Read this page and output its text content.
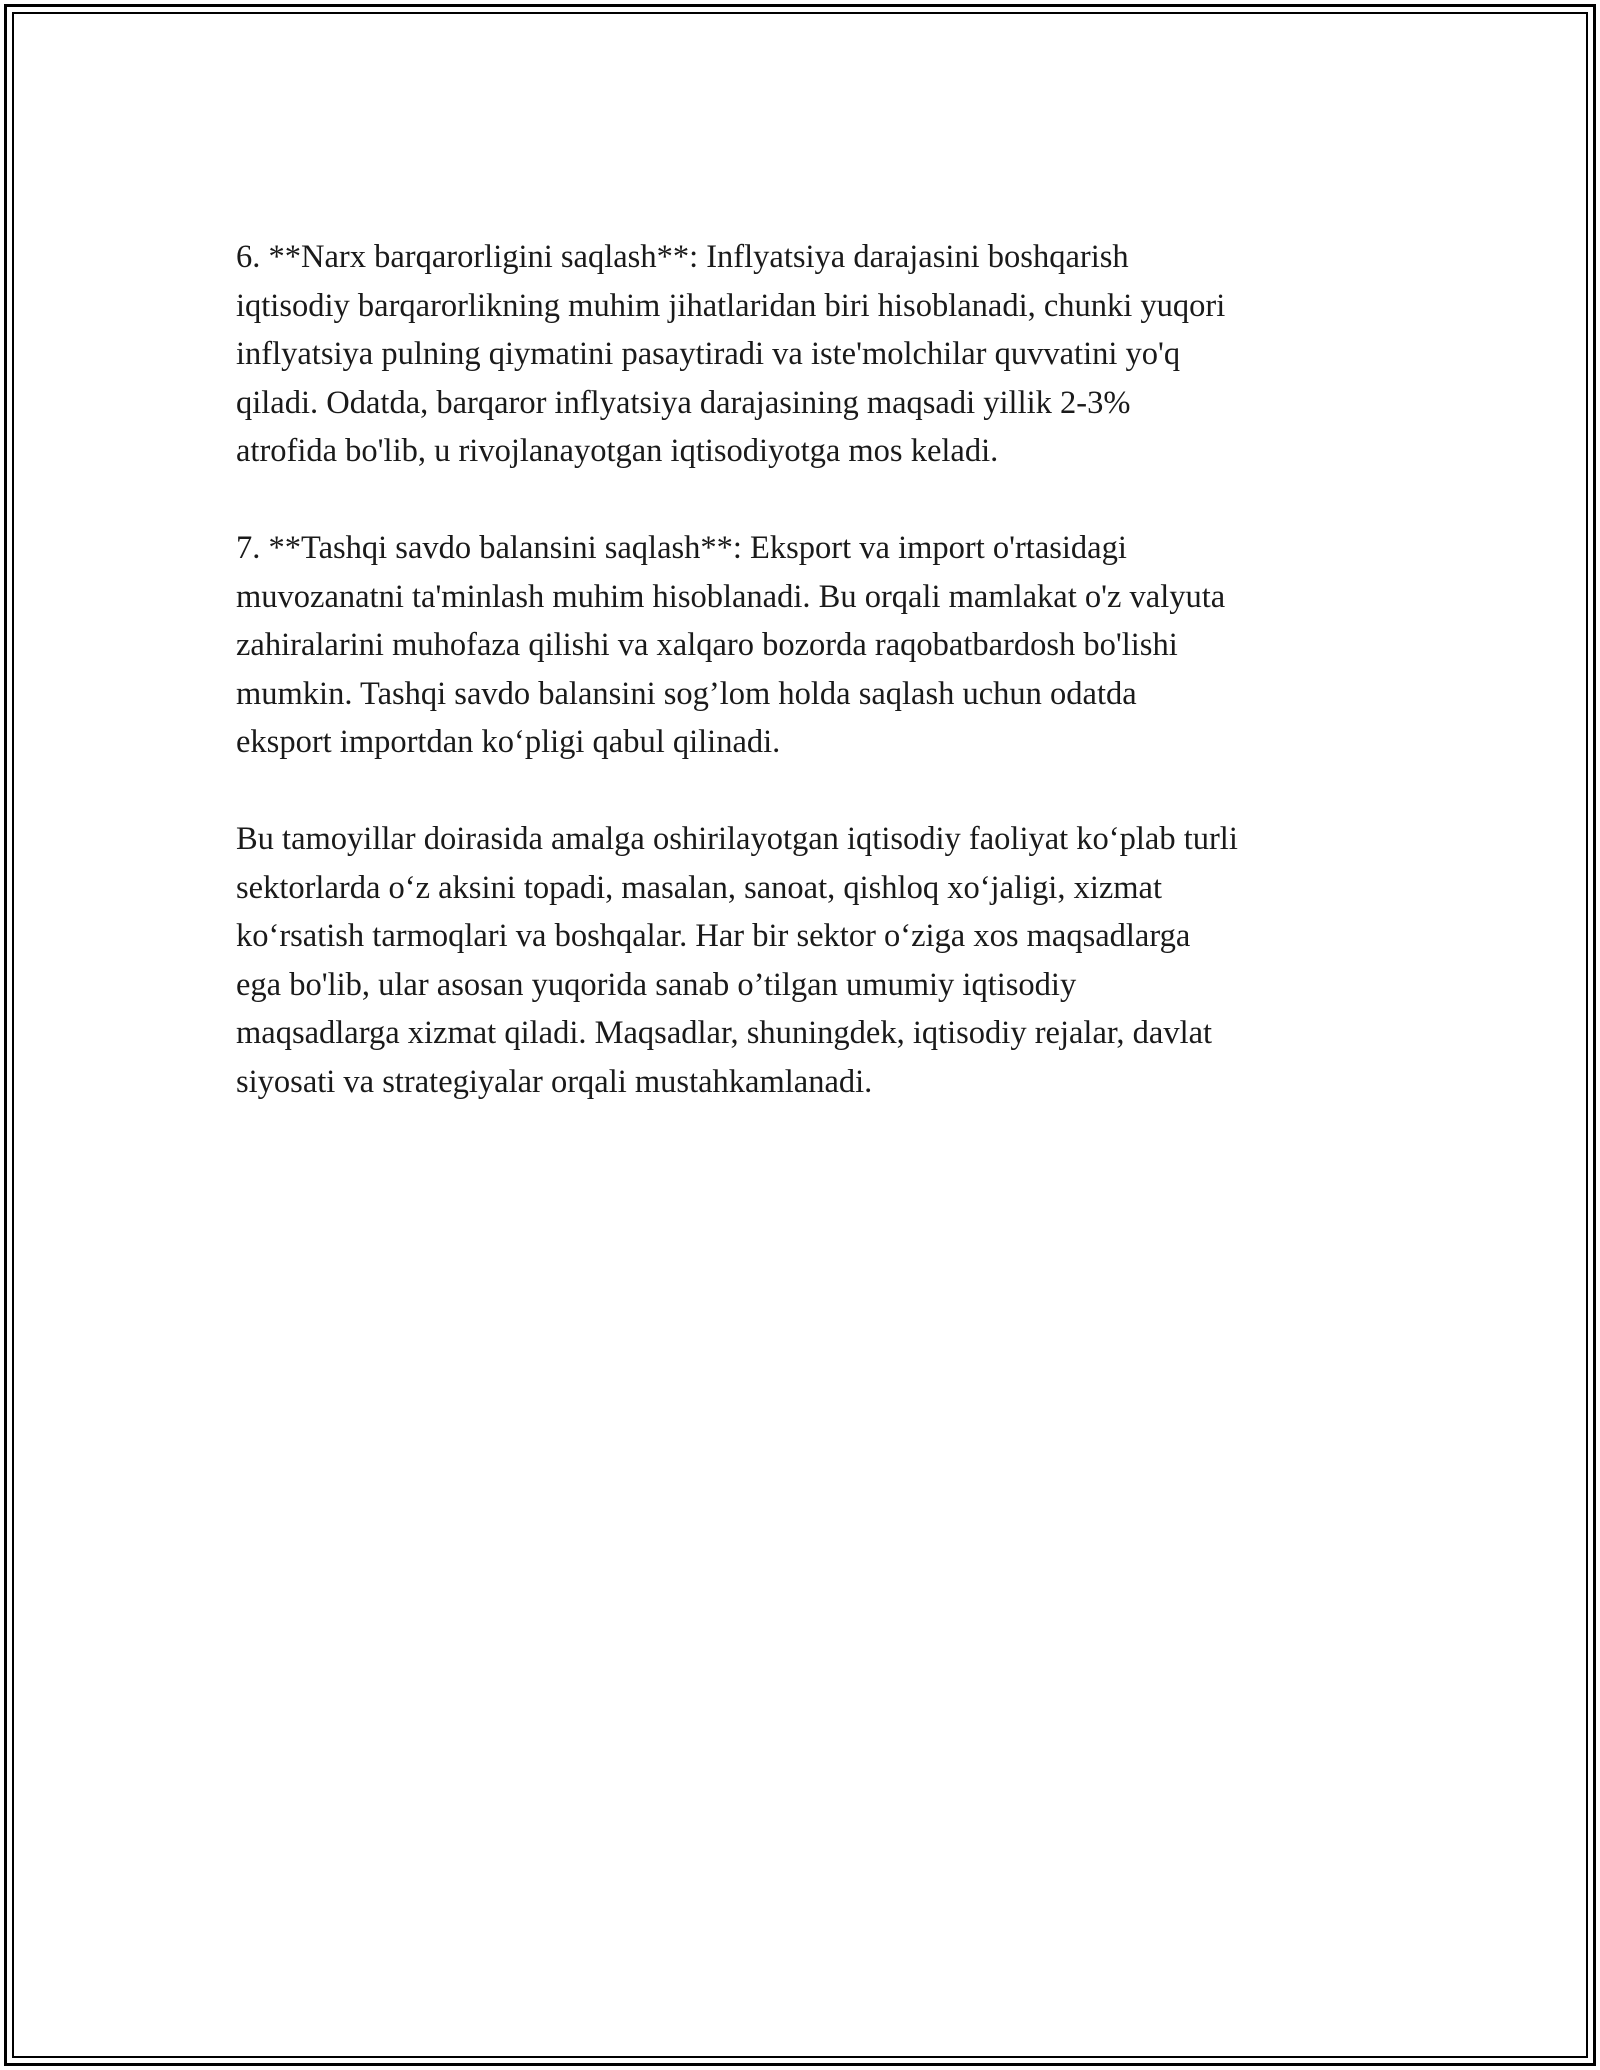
6. **Narx barqarorligini saqlash**: Inflyatsiya darajasini boshqarish
iqtisodiy barqarorlikning muhim jihatlaridan biri hisoblanadi, chunki yuqori
inflyatsiya pulning qiymatini pasaytiradi va iste'molchilar quvvatini yo'q
qiladi. Odatda, barqaror inflyatsiya darajasining maqsadi yillik 2-3%
atrofida bo'lib, u rivojlanayotgan iqtisodiyotga mos keladi.

7. **Tashqi savdo balansini saqlash**: Eksport va import o'rtasidagi
muvozanatni ta'minlash muhim hisoblanadi. Bu orqali mamlakat o'z valyuta
zahiralarini muhofaza qilishi va xalqaro bozorda raqobatbardosh bo'lishi
mumkin. Tashqi savdo balansini sog’lom holda saqlash uchun odatda
eksport importdan ko‘pligi qabul qilinadi.

Bu tamoyillar doirasida amalga oshirilayotgan iqtisodiy faoliyat ko‘plab turli
sektorlarda o‘z aksini topadi, masalan, sanoat, qishloq xo‘jaligi, xizmat
ko‘rsatish tarmoqlari va boshqalar. Har bir sektor o‘ziga xos maqsadlarga
ega bo'lib, ular asosan yuqorida sanab o’tilgan umumiy iqtisodiy
maqsadlarga xizmat qiladi. Maqsadlar, shuningdek, iqtisodiy rejalar, davlat
siyosati va strategiyalar orqali mustahkamlanadi.
